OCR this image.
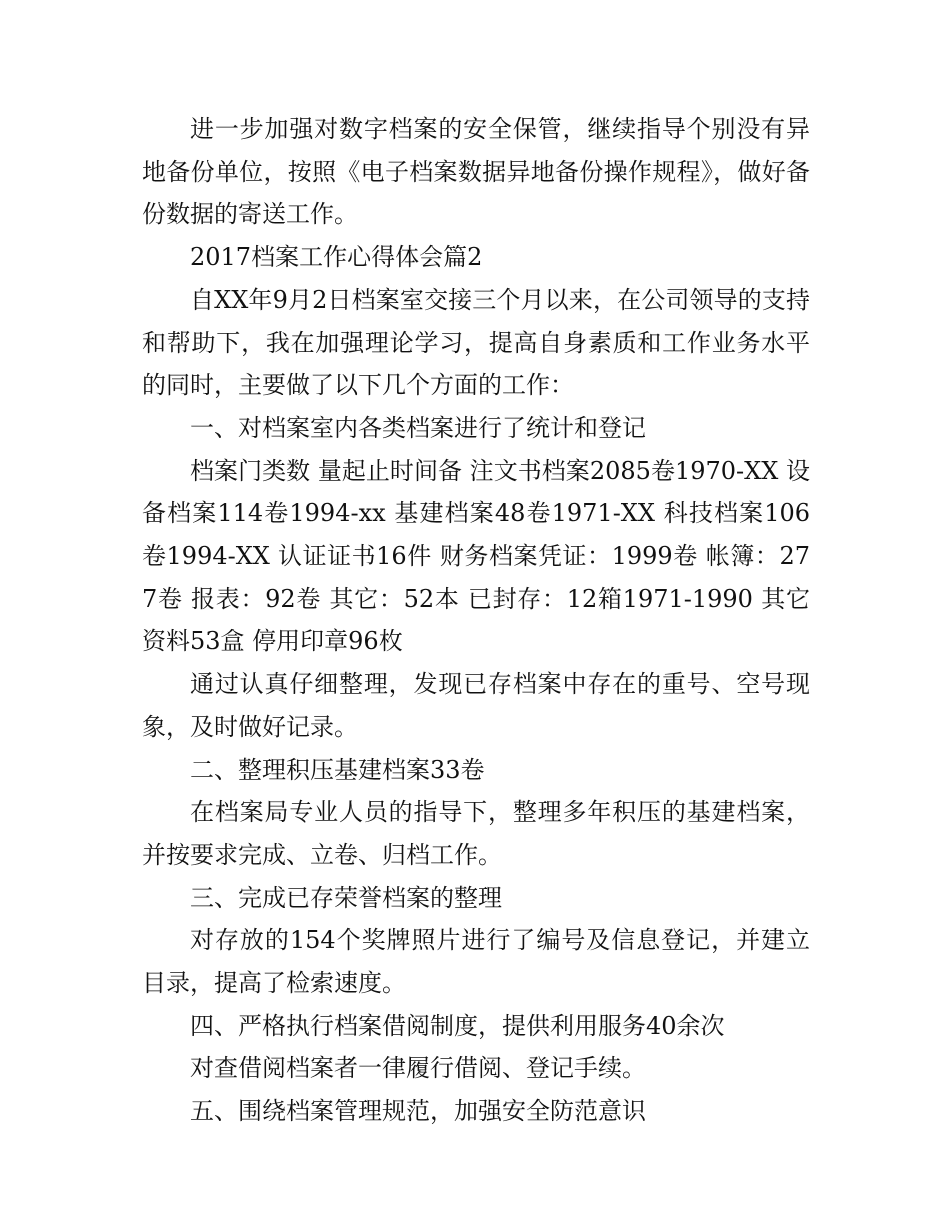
进一步加强对数字档案的安全保管，继续指导个别没有异地备份单位，按照《电子档案数据异地备份操作规程》，做好备份数据的寄送工作。

2017档案工作心得体会篇2

自XX年9月2日档案室交接三个月以来，在公司领导的支持和帮助下，我在加强理论学习，提高自身素质和工作业务水平的同时，主要做了以下几个方面的工作：

一、对档案室内各类档案进行了统计和登记

档案门类数 量起止时间备 注文书档案2085卷1970-XX 设备档案114卷1994-xx 基建档案48卷1971-XX 科技档案106卷1994-XX 认证证书16件 财务档案凭证：1999卷 帐簿：277卷 报表：92卷 其它：52本 已封存：12箱1971-1990 其它资料53盒 停用印章96枚

通过认真仔细整理，发现已存档案中存在的重号、空号现象，及时做好记录。

二、整理积压基建档案33卷

在档案局专业人员的指导下，整理多年积压的基建档案，并按要求完成、立卷、归档工作。

三、完成已存荣誉档案的整理

对存放的154个奖牌照片进行了编号及信息登记，并建立目录，提高了检索速度。

四、严格执行档案借阅制度，提供利用服务40余次

对查借阅档案者一律履行借阅、登记手续。

五、围绕档案管理规范，加强安全防范意识
